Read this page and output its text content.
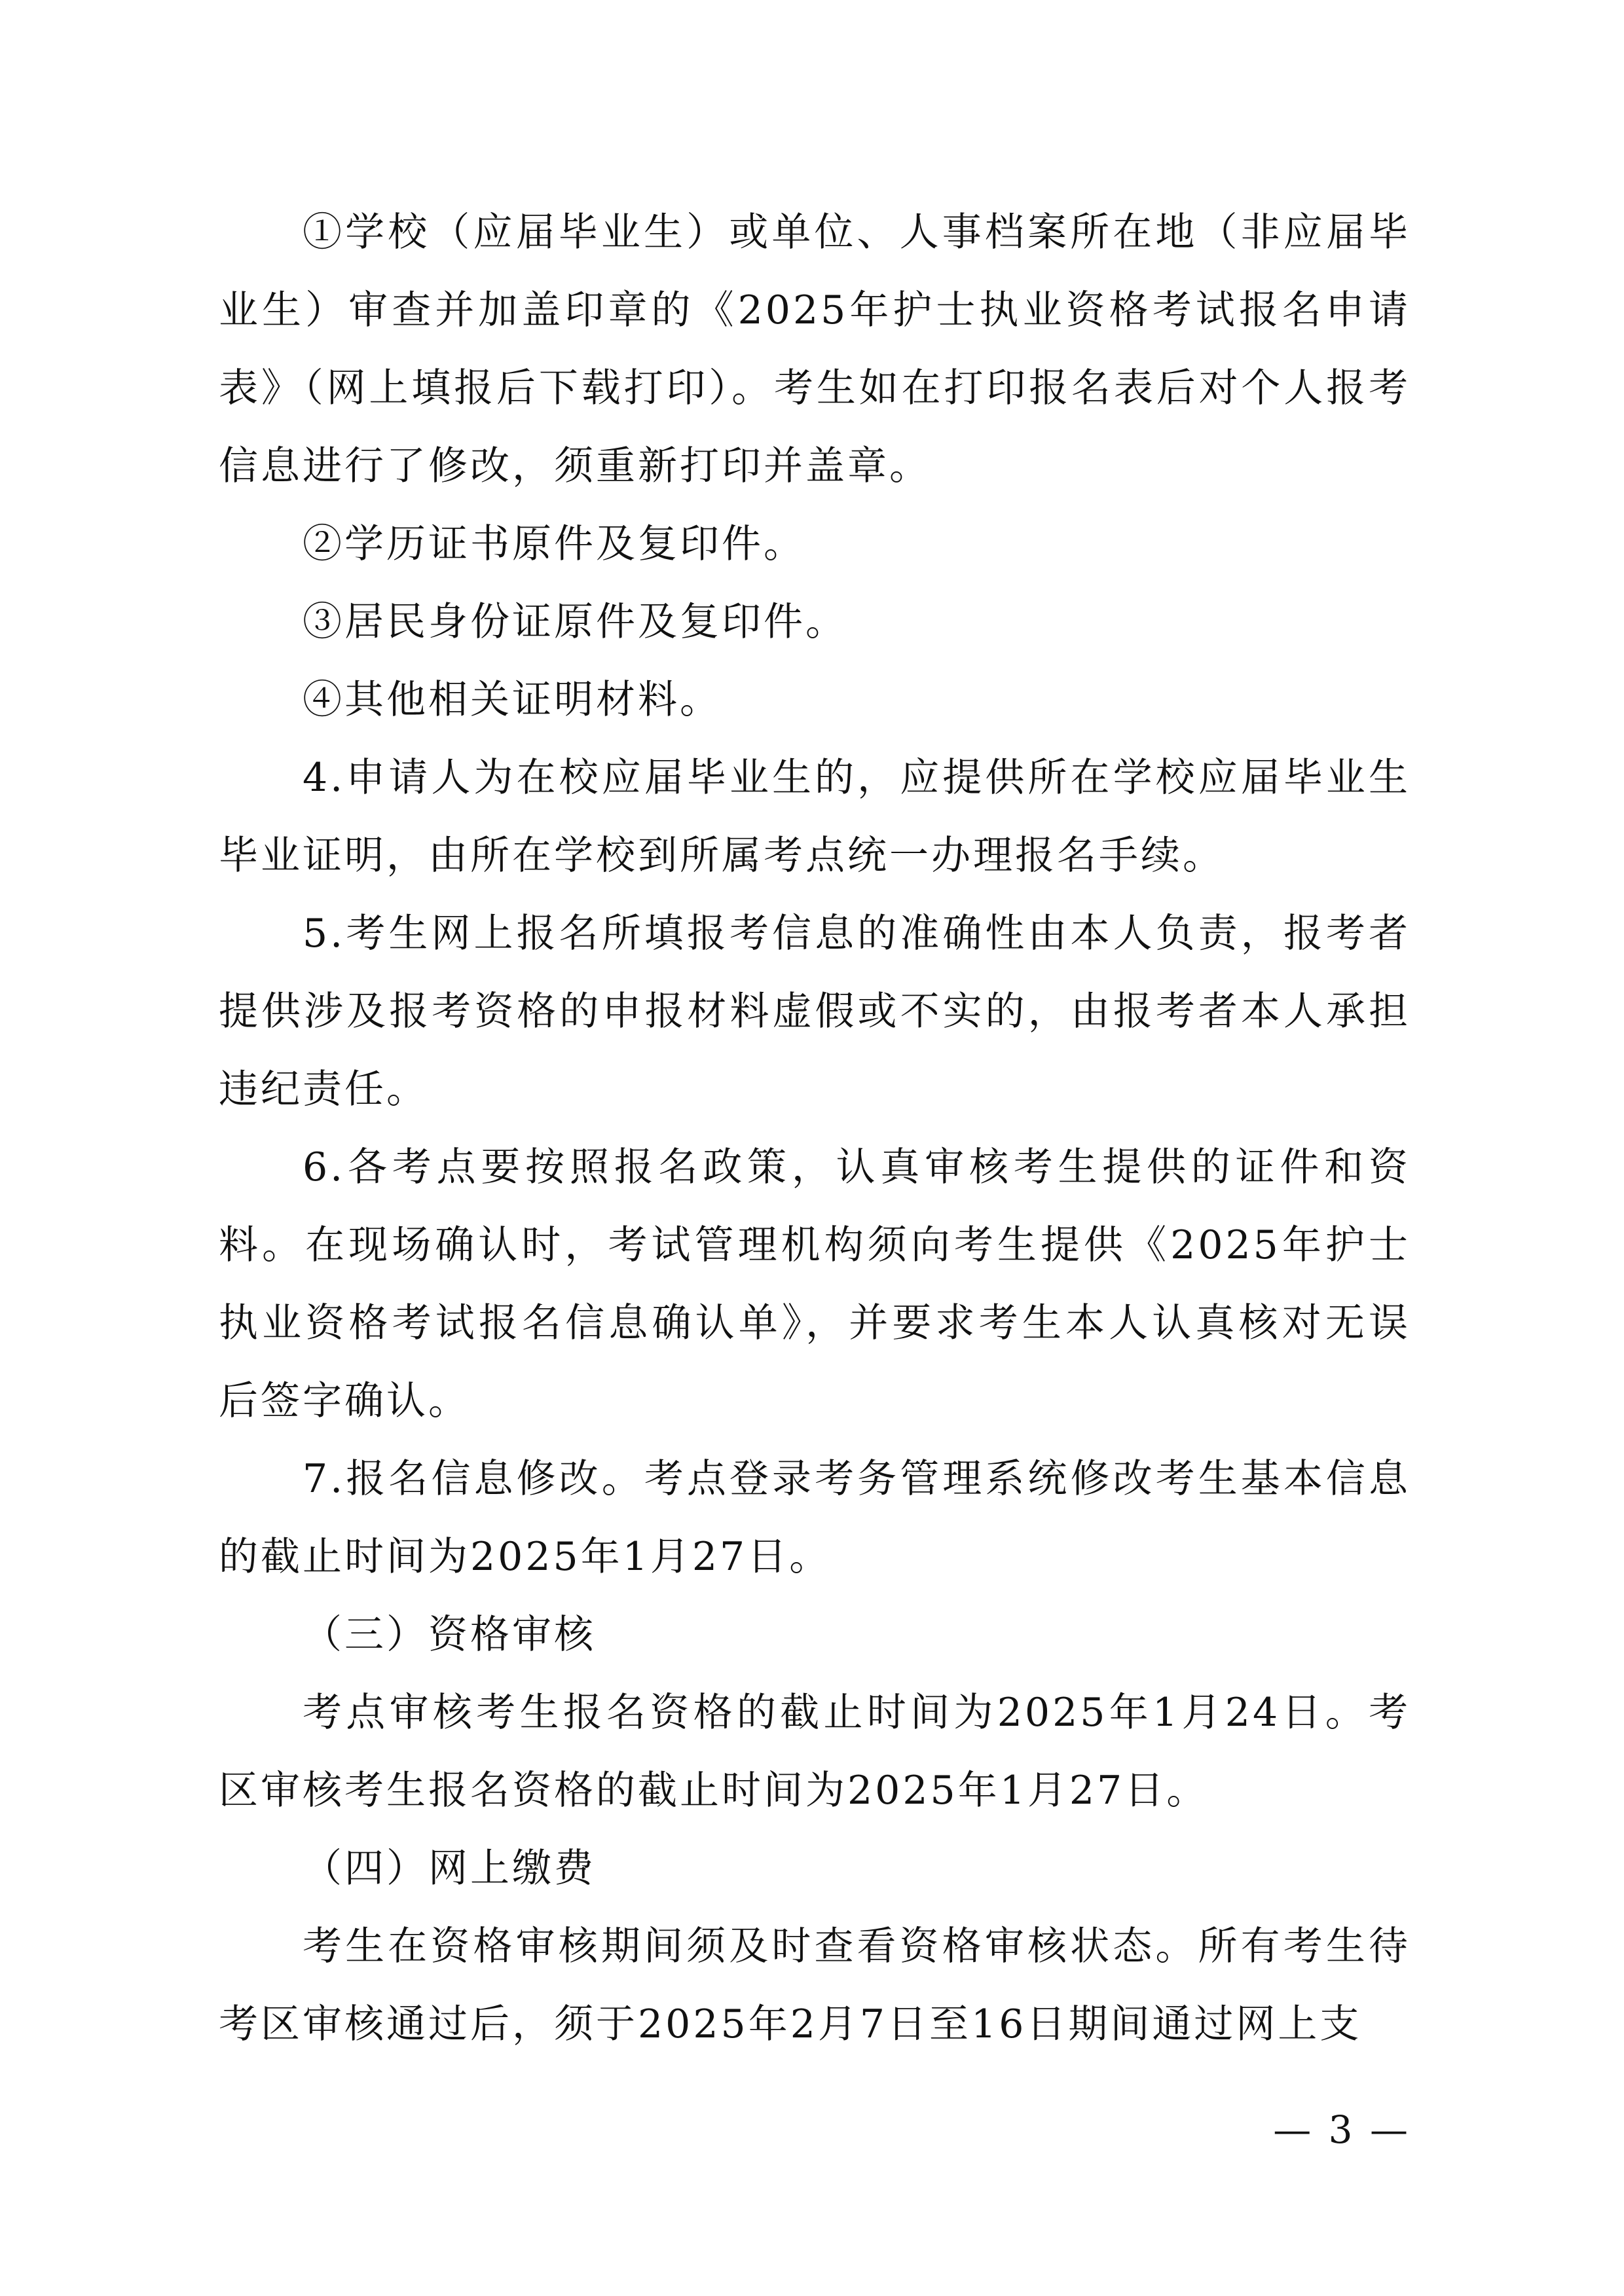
①学校（应届毕业生）或单位、人事档案所在地（非应届毕业生）审查并加盖印章的《2025年护士执业资格考试报名申请表》（网上填报后下载打印）。考生如在打印报名表后对个人报考信息进行了修改，须重新打印并盖章。

②学历证书原件及复印件。

③居民身份证原件及复印件。

④其他相关证明材料。

4.申请人为在校应届毕业生的，应提供所在学校应届毕业生毕业证明，由所在学校到所属考点统一办理报名手续。

5.考生网上报名所填报考信息的准确性由本人负责，报考者提供涉及报考资格的申报材料虚假或不实的，由报考者本人承担违纪责任。

6.各考点要按照报名政策，认真审核考生提供的证件和资料。在现场确认时，考试管理机构须向考生提供《2025年护士执业资格考试报名信息确认单》，并要求考生本人认真核对无误后签字确认。

7.报名信息修改。考点登录考务管理系统修改考生基本信息的截止时间为2025年1月27日。

（三）资格审核

考点审核考生报名资格的截止时间为2025年1月24日。考区审核考生报名资格的截止时间为2025年1月27日。

（四）网上缴费

考生在资格审核期间须及时查看资格审核状态。所有考生待考区审核通过后，须于2025年2月7日至16日期间通过网上支

— 3 —
